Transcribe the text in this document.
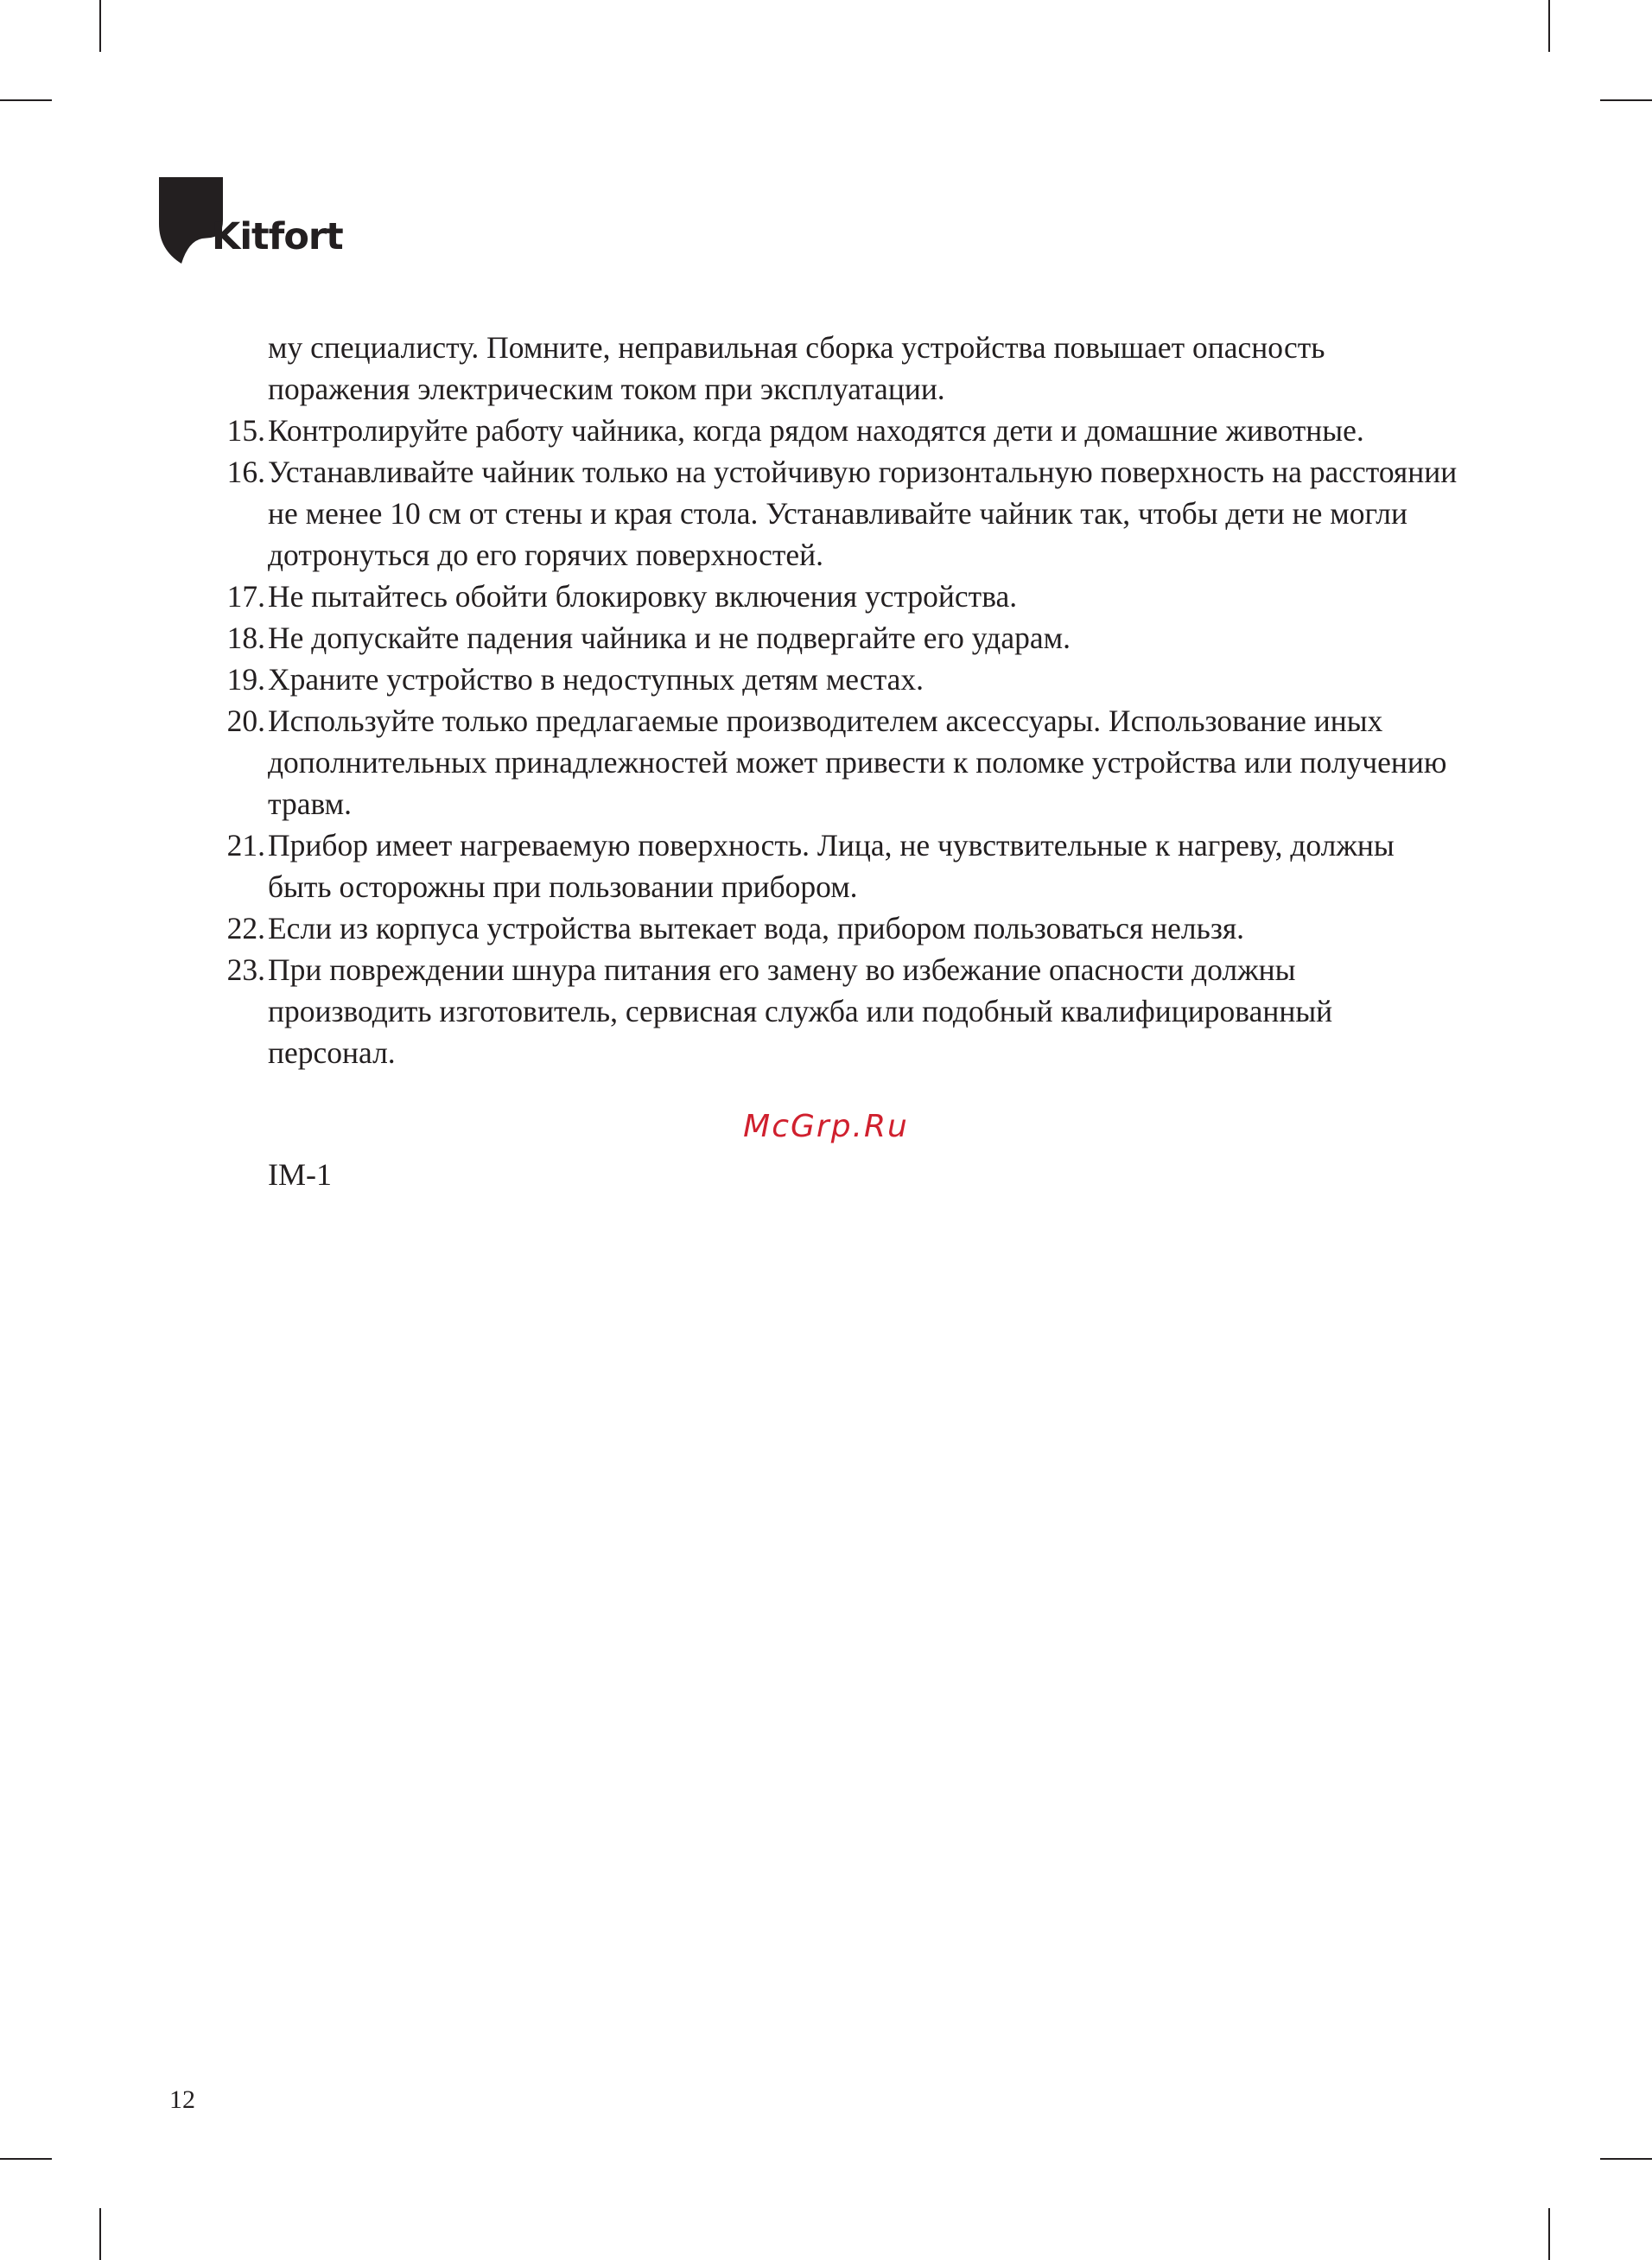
Kitfort

му специалисту. Помните, неправильная сборка устройства повышает опасность поражения электрическим током при эксплуатации.

15. Контролируйте работу чайника, когда рядом находятся дети и домашние животные.
16. Устанавливайте чайник только на устойчивую горизонтальную поверхность на расстоянии не менее 10 см от стены и края стола. Устанавливайте чайник так, чтобы дети не могли дотронуться до его горячих поверхностей.
17. Не пытайтесь обойти блокировку включения устройства.
18. Не допускайте падения чайника и не подвергайте его ударам.
19. Храните устройство в недоступных детям местах.
20. Используйте только предлагаемые производителем аксессуары. Использование иных дополнительных принадлежностей может привести к поломке устройства или получению травм.
21. Прибор имеет нагреваемую поверхность. Лица, не чувствительные к нагреву, должны быть осторожны при пользовании прибором.
22. Если из корпуса устройства вытекает вода, прибором пользоваться нельзя.
23. При повреждении шнура питания его замену во избежание опасности должны производить изготовитель, сервисная служба или подобный квалифицированный персонал.
McGrp.Ru
IM-1
12
